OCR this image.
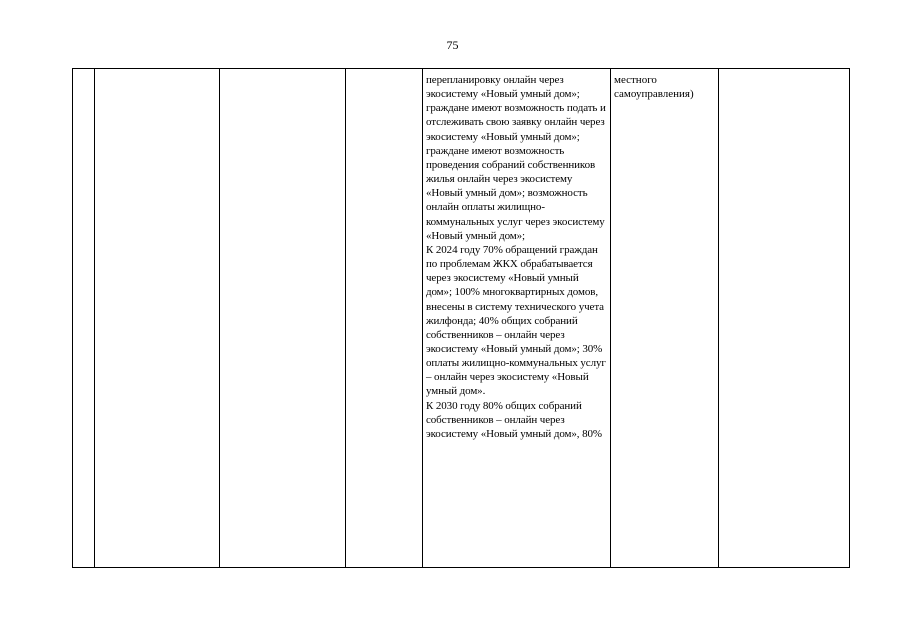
75
				перепланировку онлайн через экосистему «Новый умный дом»; граждане имеют возможность подать и отслеживать свою заявку онлайн через экосистему «Новый умный дом»; граждане имеют возможность проведения собраний собственников жилья онлайн через экосистему «Новый умный дом»; возможность онлайн оплаты жилищно-коммунальных услуг через экосистему «Новый умный дом»;
К 2024 году 70% обращений граждан по проблемам ЖКХ обрабатывается через экосистему «Новый умный дом»; 100% многоквартирных домов, внесены в систему технического учета жилфонда; 40% общих собраний собственников – онлайн через экосистему «Новый умный дом»; 30% оплаты жилищно-коммунальных услуг – онлайн через экосистему «Новый умный дом».
К 2030 году 80% общих собраний собственников – онлайн через экосистему «Новый умный дом», 80%	местного самоуправления)	
